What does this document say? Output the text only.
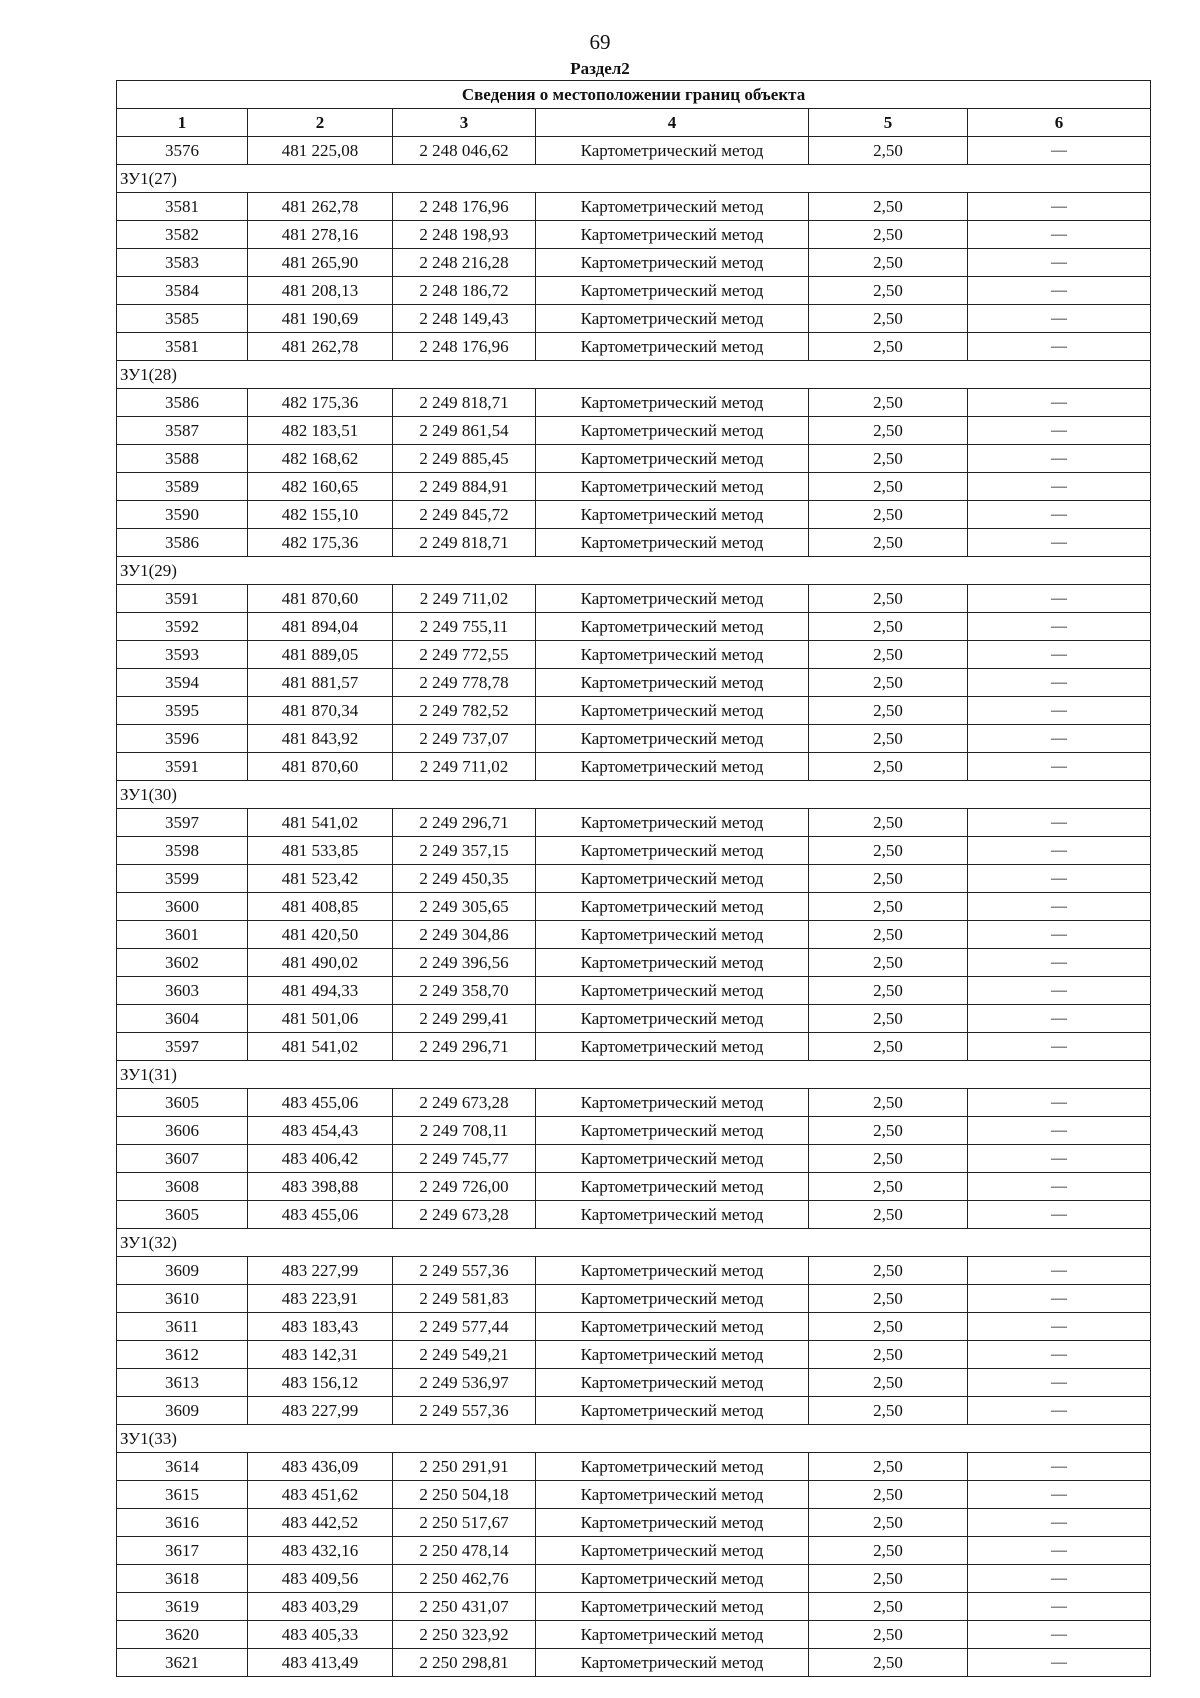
69
Раздел2
Сведения о местоположении границ объекта					
1	2	3	4	5	6
3576	481 225,08	2 248 046,62	Картометрический метод	2,50	—
ЗУ1(27)					
3581	481 262,78	2 248 176,96	Картометрический метод	2,50	—
3582	481 278,16	2 248 198,93	Картометрический метод	2,50	—
3583	481 265,90	2 248 216,28	Картометрический метод	2,50	—
3584	481 208,13	2 248 186,72	Картометрический метод	2,50	—
3585	481 190,69	2 248 149,43	Картометрический метод	2,50	—
3581	481 262,78	2 248 176,96	Картометрический метод	2,50	—
ЗУ1(28)					
3586	482 175,36	2 249 818,71	Картометрический метод	2,50	—
3587	482 183,51	2 249 861,54	Картометрический метод	2,50	—
3588	482 168,62	2 249 885,45	Картометрический метод	2,50	—
3589	482 160,65	2 249 884,91	Картометрический метод	2,50	—
3590	482 155,10	2 249 845,72	Картометрический метод	2,50	—
3586	482 175,36	2 249 818,71	Картометрический метод	2,50	—
ЗУ1(29)					
3591	481 870,60	2 249 711,02	Картометрический метод	2,50	—
3592	481 894,04	2 249 755,11	Картометрический метод	2,50	—
3593	481 889,05	2 249 772,55	Картометрический метод	2,50	—
3594	481 881,57	2 249 778,78	Картометрический метод	2,50	—
3595	481 870,34	2 249 782,52	Картометрический метод	2,50	—
3596	481 843,92	2 249 737,07	Картометрический метод	2,50	—
3591	481 870,60	2 249 711,02	Картометрический метод	2,50	—
ЗУ1(30)					
3597	481 541,02	2 249 296,71	Картометрический метод	2,50	—
3598	481 533,85	2 249 357,15	Картометрический метод	2,50	—
3599	481 523,42	2 249 450,35	Картометрический метод	2,50	—
3600	481 408,85	2 249 305,65	Картометрический метод	2,50	—
3601	481 420,50	2 249 304,86	Картометрический метод	2,50	—
3602	481 490,02	2 249 396,56	Картометрический метод	2,50	—
3603	481 494,33	2 249 358,70	Картометрический метод	2,50	—
3604	481 501,06	2 249 299,41	Картометрический метод	2,50	—
3597	481 541,02	2 249 296,71	Картометрический метод	2,50	—
ЗУ1(31)					
3605	483 455,06	2 249 673,28	Картометрический метод	2,50	—
3606	483 454,43	2 249 708,11	Картометрический метод	2,50	—
3607	483 406,42	2 249 745,77	Картометрический метод	2,50	—
3608	483 398,88	2 249 726,00	Картометрический метод	2,50	—
3605	483 455,06	2 249 673,28	Картометрический метод	2,50	—
ЗУ1(32)					
3609	483 227,99	2 249 557,36	Картометрический метод	2,50	—
3610	483 223,91	2 249 581,83	Картометрический метод	2,50	—
3611	483 183,43	2 249 577,44	Картометрический метод	2,50	—
3612	483 142,31	2 249 549,21	Картометрический метод	2,50	—
3613	483 156,12	2 249 536,97	Картометрический метод	2,50	—
3609	483 227,99	2 249 557,36	Картометрический метод	2,50	—
ЗУ1(33)					
3614	483 436,09	2 250 291,91	Картометрический метод	2,50	—
3615	483 451,62	2 250 504,18	Картометрический метод	2,50	—
3616	483 442,52	2 250 517,67	Картометрический метод	2,50	—
3617	483 432,16	2 250 478,14	Картометрический метод	2,50	—
3618	483 409,56	2 250 462,76	Картометрический метод	2,50	—
3619	483 403,29	2 250 431,07	Картометрический метод	2,50	—
3620	483 405,33	2 250 323,92	Картометрический метод	2,50	—
3621	483 413,49	2 250 298,81	Картометрический метод	2,50	—
